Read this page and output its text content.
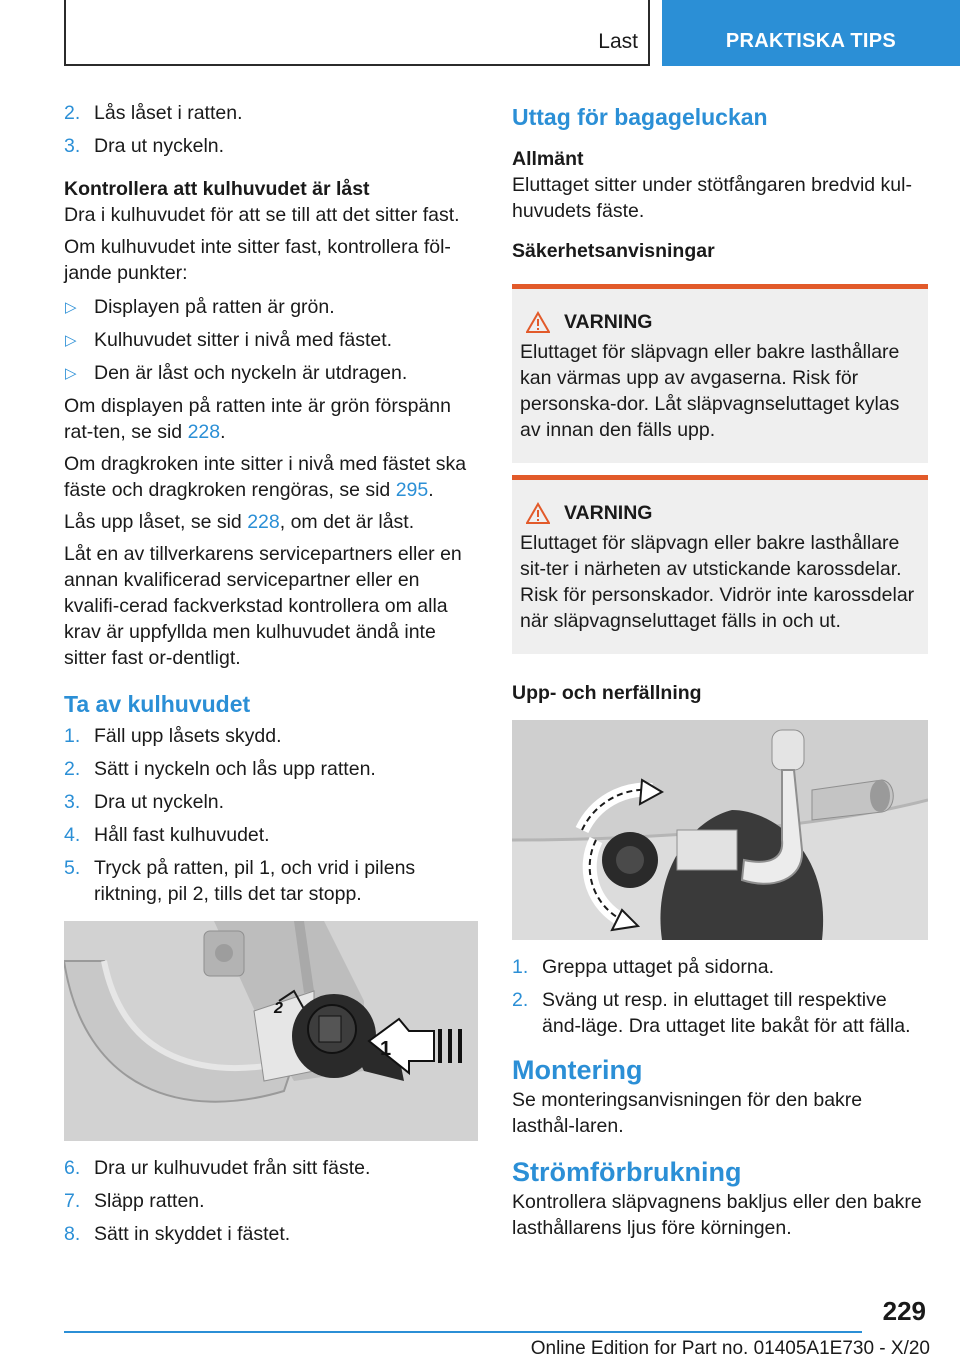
Last	PRAKTISKA TIPS
2. Lås låset i ratten.
3. Dra ut nyckeln.
Kontrollera att kulhuvudet är låst

Dra i kulhuvudet för att se till att det sitter fast.

Om kulhuvudet inte sitter fast, kontrollera föl-jande punkter:

▷ Displayen på ratten är grön.
▷ Kulhuvudet sitter i nivå med fästet.
▷ Den är låst och nyckeln är utdragen.

Om displayen på ratten inte är grön förspänn rat-ten, se sid 228.

Om dragkroken inte sitter i nivå med fästet ska fäste och dragkroken rengöras, se sid 295.

Lås upp låset, se sid 228, om det är låst.

Låt en av tillverkarens servicepartners eller en annan kvalificerad servicepartner eller en kvalifi-cerad fackverkstad kontrollera om alla krav är uppfyllda men kulhuvudet ändå inte sitter fast or-dentligt.

Ta av kulhuvudet
1. Fäll upp låsets skydd.
2. Sätt i nyckeln och lås upp ratten.
3. Dra ut nyckeln.
4. Håll fast kulhuvudet.
5. Tryck på ratten, pil 1, och vrid i pilens riktning, pil 2, tills det tar stopp.
1
2
6. Dra ur kulhuvudet från sitt fäste.
7. Släpp ratten.
8. Sätt in skyddet i fästet.
Uttag för bagageluckan
Allmänt

Eluttaget sitter under stötfångaren bredvid kul-huvudets fäste.

Säkerhetsanvisningar
VARNING

Eluttaget för släpvagn eller bakre lasthållare kan värmas upp av avgaserna. Risk för personska-dor. Låt släpvagnseluttaget kylas av innan den fälls upp.

VARNING

Eluttaget för släpvagn eller bakre lasthållare sit-ter i närheten av utstickande karossdelar. Risk för personskador. Vidrör inte karossdelar när släpvagnseluttaget fälls in och ut.

Upp- och nerfällning
1. Greppa uttaget på sidorna.
2. Sväng ut resp. in eluttaget till respektive änd-läge. Dra uttaget lite bakåt för att fälla.
Montering

Se monteringsanvisningen för den bakre lasthål-laren.

Strömförbrukning

Kontrollera släpvagnens bakljus eller den bakre lasthållarens ljus före körningen.

229
Online Edition for Part no. 01405A1E730 - X/20
